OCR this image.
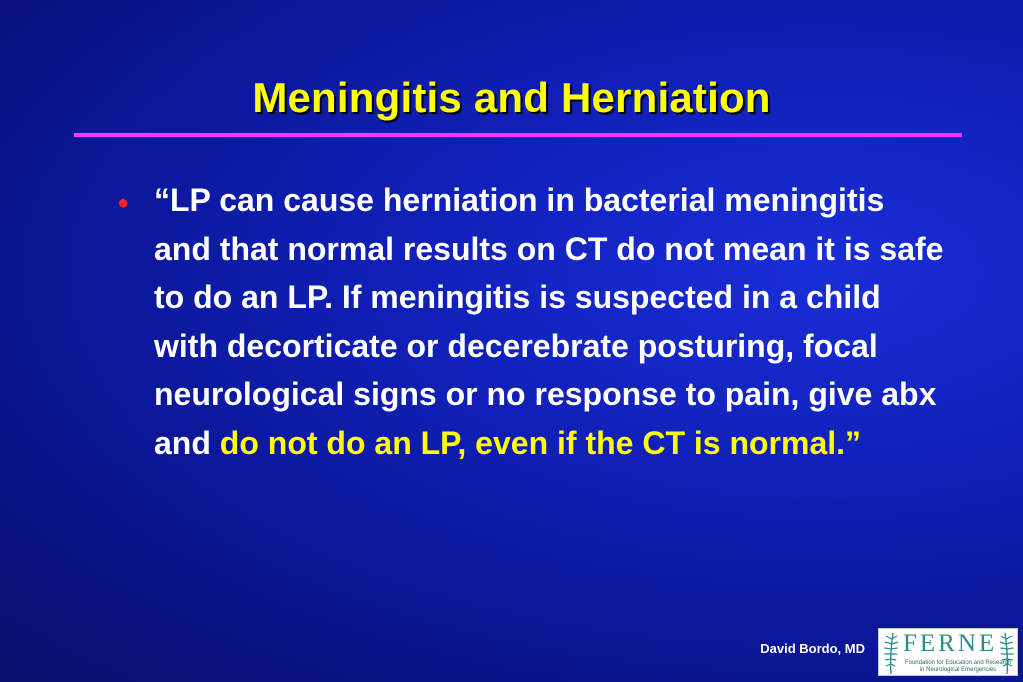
Meningitis and Herniation
• “LP can cause herniation in bacterial meningitis and that normal results on CT do not mean it is safe to do an LP. If meningitis is suspected in a child with decorticate or decerebrate posturing, focal neurological signs or no response to pain, give abx and do not do an LP, even if the CT is normal.”
David Bordo, MD FERNE
Foundation for Education and Research
in Neurological Emergencies
